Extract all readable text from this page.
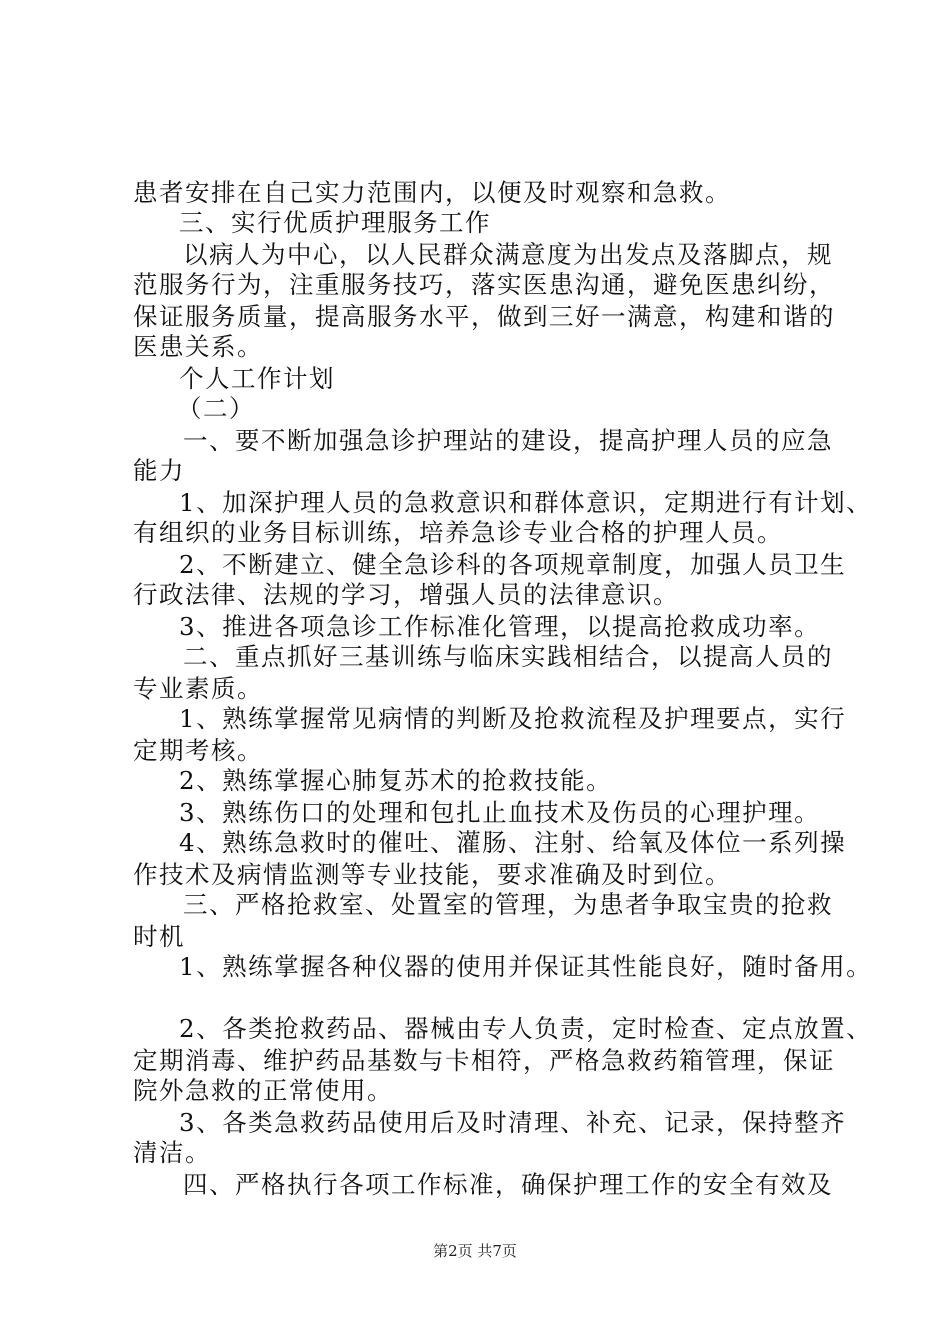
患者安排在自己实力范围内，以便及时观察和急救。
三、实行优质护理服务工作
以病人为中心，以人民群众满意度为出发点及落脚点，规
范服务行为，注重服务技巧，落实医患沟通，避免医患纠纷，
保证服务质量，提高服务水平，做到三好一满意，构建和谐的
医患关系。
个人工作计划
（二）
一、要不断加强急诊护理站的建设，提高护理人员的应急
能力
1、加深护理人员的急救意识和群体意识，定期进行有计划、
有组织的业务目标训练，培养急诊专业合格的护理人员。
2、不断建立、健全急诊科的各项规章制度，加强人员卫生
行政法律、法规的学习，增强人员的法律意识。
3、推进各项急诊工作标准化管理，以提高抢救成功率。
二、重点抓好三基训练与临床实践相结合，以提高人员的
专业素质。
1、熟练掌握常见病情的判断及抢救流程及护理要点，实行
定期考核。
2、熟练掌握心肺复苏术的抢救技能。
3、熟练伤口的处理和包扎止血技术及伤员的心理护理。
4、熟练急救时的催吐、灌肠、注射、给氧及体位一系列操
作技术及病情监测等专业技能，要求准确及时到位。
三、严格抢救室、处置室的管理，为患者争取宝贵的抢救
时机
1、熟练掌握各种仪器的使用并保证其性能良好，随时备用。
2、各类抢救药品、器械由专人负责，定时检查、定点放置、
定期消毒、维护药品基数与卡相符，严格急救药箱管理，保证
院外急救的正常使用。
3、各类急救药品使用后及时清理、补充、记录，保持整齐
清洁。
四、严格执行各项工作标准，确保护理工作的安全有效及
第2页 共7页
